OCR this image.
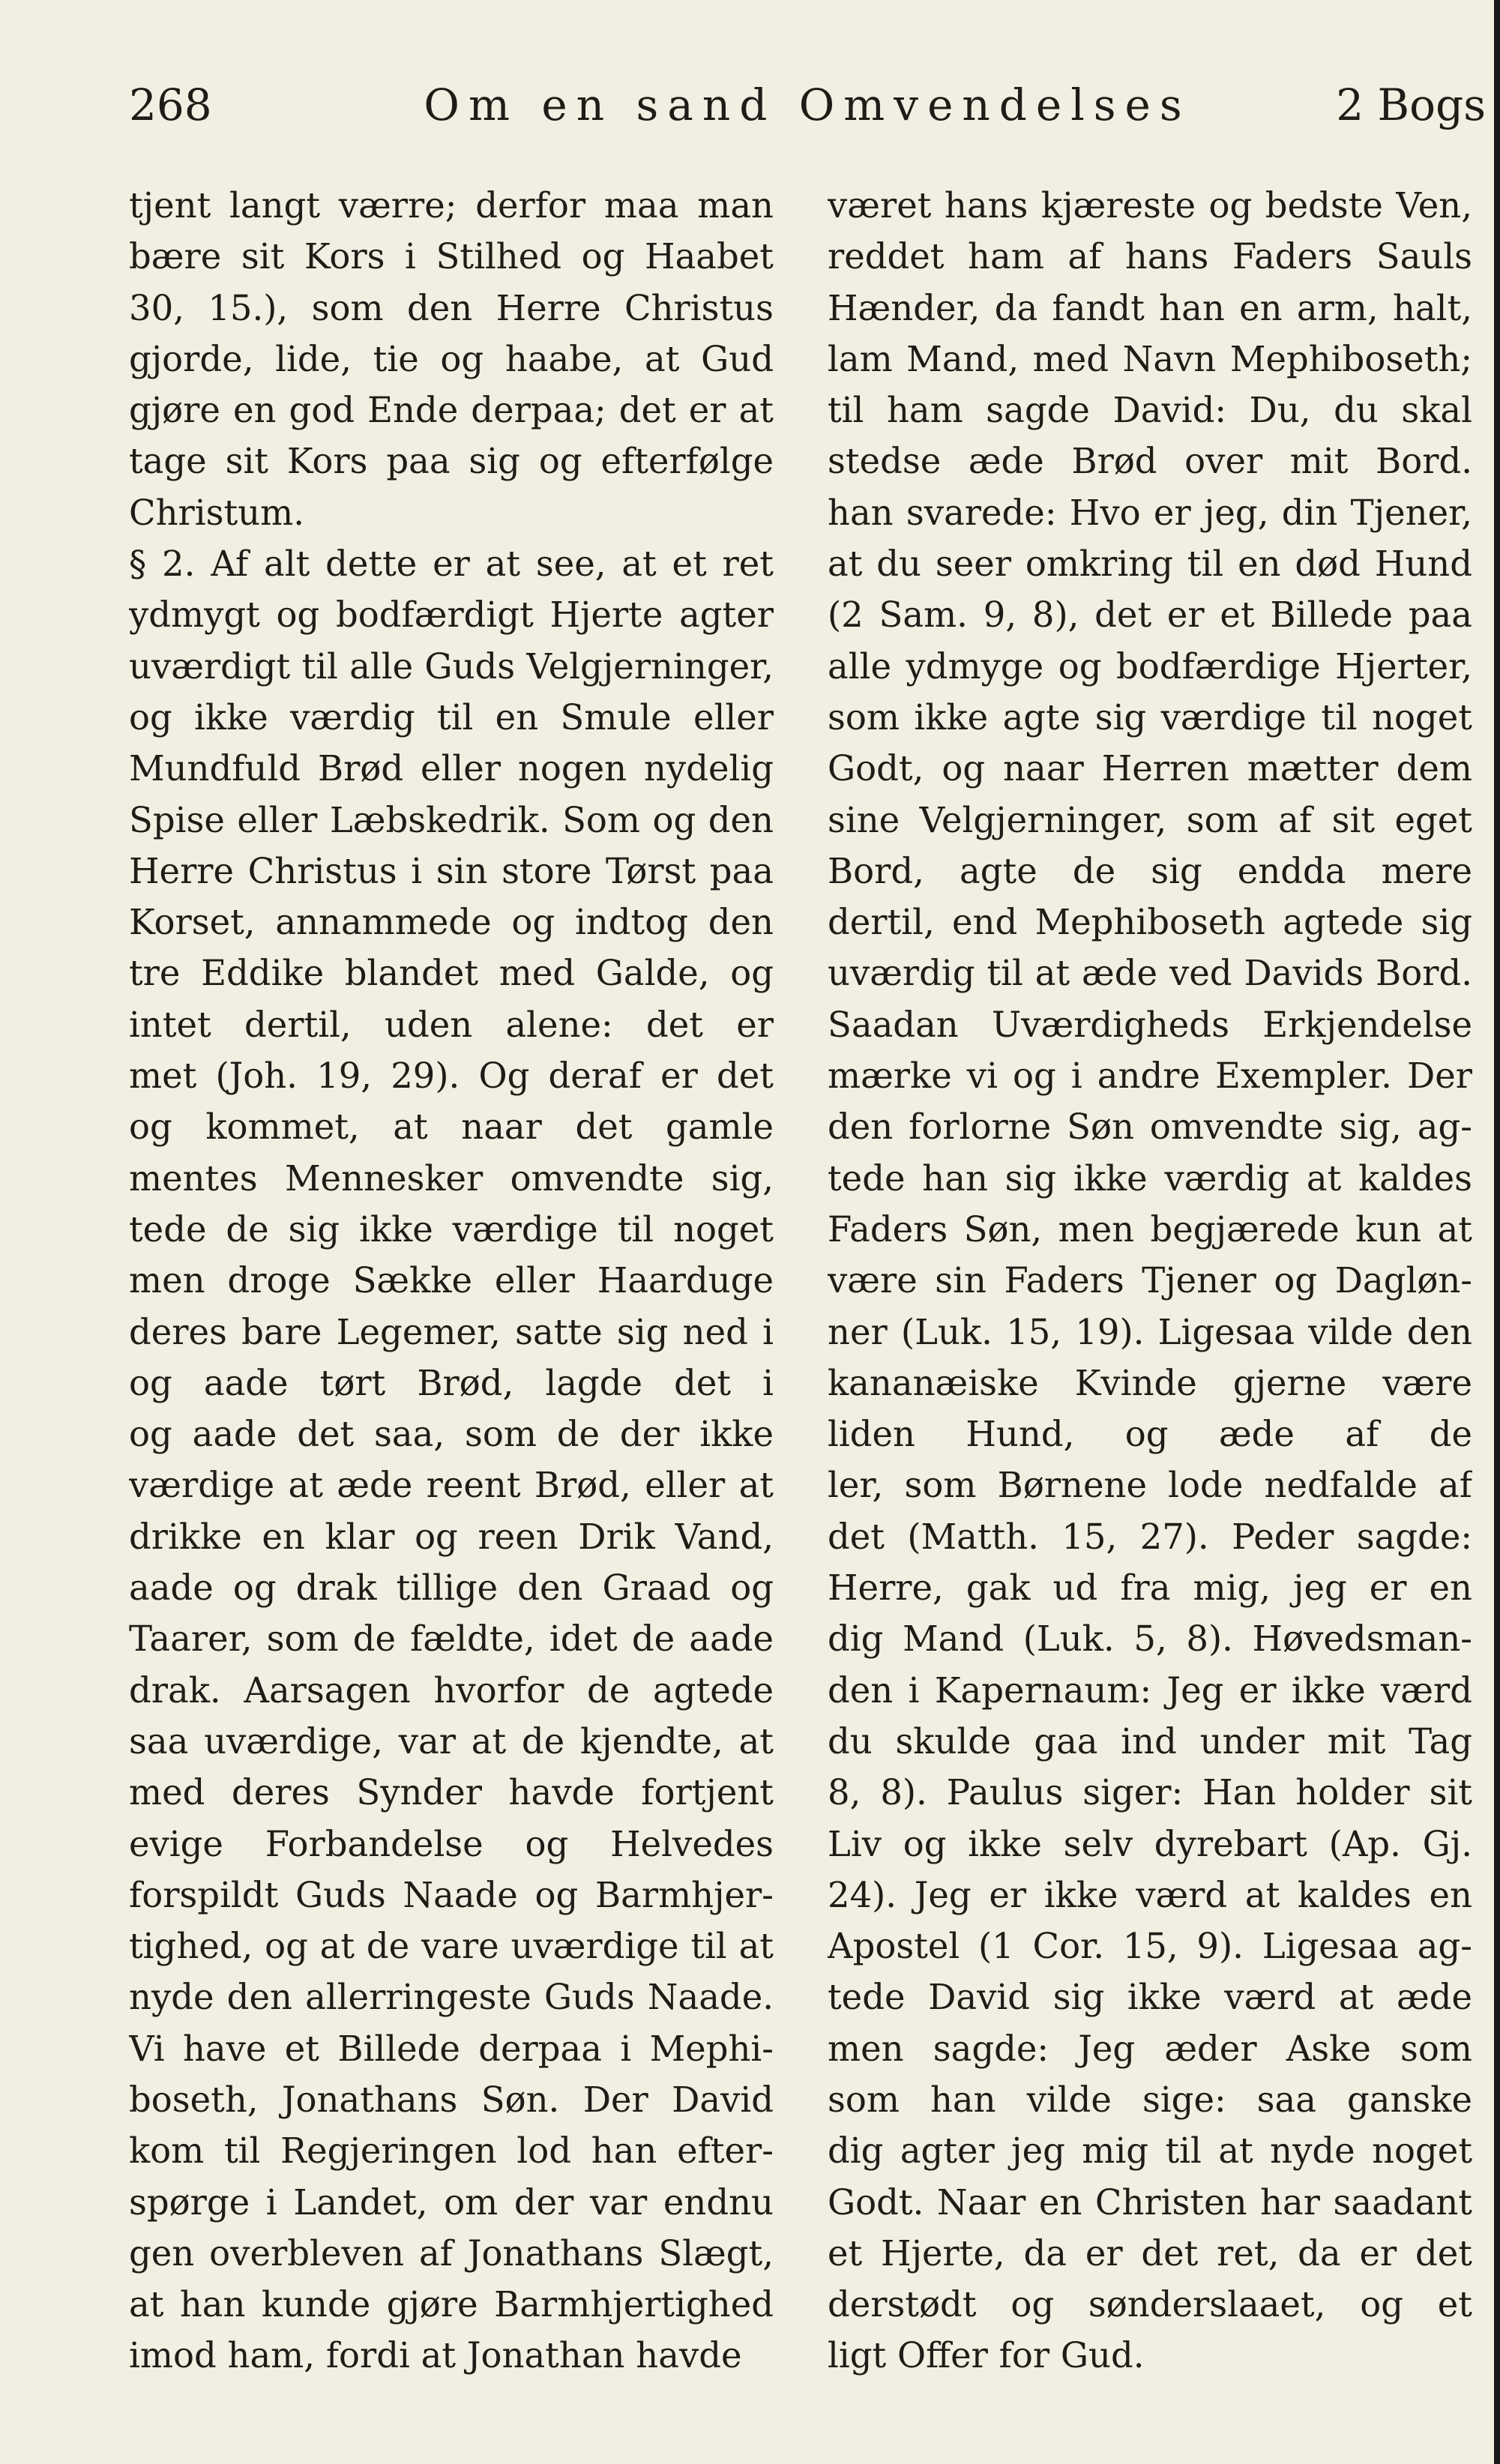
268	Om en sand Omvendelses	2 Bogs
tjent langt værre; derfor maa man
bære sit Kors i Stilhed og Haabet
30, 15.), som den Herre Christus
gjorde, lide, tie og haabe, at Gud
gjøre en god Ende derpaa; det er at
tage sit Kors paa sig og efterfølge
Christum.
§ 2. Af alt dette er at see, at et ret
ydmygt og bodfærdigt Hjerte agter
uværdigt til alle Guds Velgjerninger,
og ikke værdig til en Smule eller
Mundfuld Brød eller nogen nydelig
Spise eller Læbskedrik. Som og den
Herre Christus i sin store Tørst paa
Korset, annammede og indtog den
tre Eddike blandet med Galde, og
intet dertil, uden alene: det er
met (Joh. 19, 29). Og deraf er det
og kommet, at naar det gamle
mentes Mennesker omvendte sig,
tede de sig ikke værdige til noget
men droge Sække eller Haarduge
deres bare Legemer, satte sig ned i
og aade tørt Brød, lagde det i
og aade det saa, som de der ikke
værdige at æde reent Brød, eller at
drikke en klar og reen Drik Vand,
aade og drak tillige den Graad og
Taarer, som de fældte, idet de aade
drak. Aarsagen hvorfor de agtede
saa uværdige, var at de kjendte, at
med deres Synder havde fortjent
evige Forbandelse og Helvedes
forspildt Guds Naade og Barmhjer-
tighed, og at de vare uværdige til at
nyde den allerringeste Guds Naade.
Vi have et Billede derpaa i Mephi-
boseth, Jonathans Søn. Der David
kom til Regjeringen lod han efter-
spørge i Landet, om der var endnu
gen overbleven af Jonathans Slægt,
at han kunde gjøre Barmhjertighed
imod ham, fordi at Jonathan havde
været hans kjæreste og bedste Ven,
reddet ham af hans Faders Sauls
Hænder, da fandt han en arm, halt,
lam Mand, med Navn Mephiboseth;
til ham sagde David: Du, du skal
stedse æde Brød over mit Bord.
han svarede: Hvo er jeg, din Tjener,
at du seer omkring til en død Hund
(2 Sam. 9, 8), det er et Billede paa
alle ydmyge og bodfærdige Hjerter,
som ikke agte sig værdige til noget
Godt, og naar Herren mætter dem
sine Velgjerninger, som af sit eget
Bord, agte de sig endda mere
dertil, end Mephiboseth agtede sig
uværdig til at æde ved Davids Bord.
Saadan Uværdigheds Erkjendelse
mærke vi og i andre Exempler. Der
den forlorne Søn omvendte sig, ag-
tede han sig ikke værdig at kaldes
Faders Søn, men begjærede kun at
være sin Faders Tjener og Dagløn-
ner (Luk. 15, 19). Ligesaa vilde den
kananæiske Kvinde gjerne være
liden Hund, og æde af de
ler, som Børnene lode nedfalde af
det (Matth. 15, 27). Peder sagde:
Herre, gak ud fra mig, jeg er en
dig Mand (Luk. 5, 8). Høvedsman-
den i Kapernaum: Jeg er ikke værd
du skulde gaa ind under mit Tag
8, 8). Paulus siger: Han holder sit
Liv og ikke selv dyrebart (Ap. Gj.
24). Jeg er ikke værd at kaldes en
Apostel (1 Cor. 15, 9). Ligesaa ag-
tede David sig ikke værd at æde
men sagde: Jeg æder Aske som
som han vilde sige: saa ganske
dig agter jeg mig til at nyde noget
Godt. Naar en Christen har saadant
et Hjerte, da er det ret, da er det
derstødt og sønderslaaet, og et
ligt Offer for Gud.
